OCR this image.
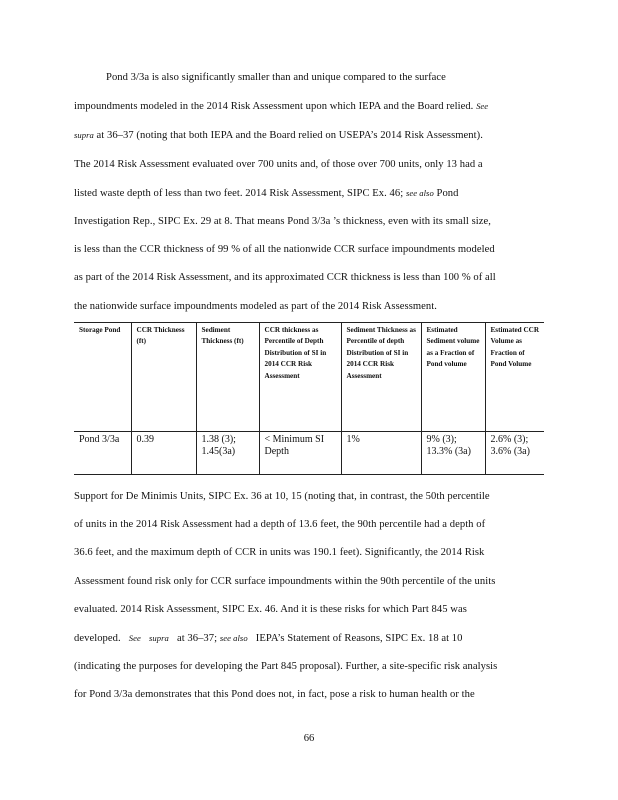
Pond 3/3a is also significantly smaller than and unique compared to the surface
impoundments modeled in the 2014 Risk Assessment upon which IEPA and the Board relied. See
supra at 36–37 (noting that both IEPA and the Board relied on USEPA’s 2014 Risk Assessment).
The 2014 Risk Assessment evaluated over 700 units and, of those over 700 units, only 13 had a
listed waste depth of less than two feet. 2014 Risk Assessment, SIPC Ex. 46; see also Pond
Investigation Rep., SIPC Ex. 29 at 8. That means Pond 3/3a ’s thickness, even with its small size,
is less than the CCR thickness of 99 % of all the nationwide CCR surface impoundments modeled
as part of the 2014 Risk Assessment, and its approximated CCR thickness is less than 100 % of all
the nationwide surface impoundments modeled as part of the 2014 Risk Assessment.
Storage Pond	CCR Thickness (ft)	Sediment Thickness (ft)	CCR thickness as Percentile of Depth Distribution of SI in 2014 CCR Risk Assessment	Sediment Thickness as Percentile of depth Distribution of SI in 2014 CCR Risk Assessment	Estimated Sediment volume as a Fraction of Pond volume	Estimated CCR Volume as Fraction of Pond Volume
Pond 3/3a	0.39	1.38 (3); 1.45(3a)	< Minimum SI Depth	1%	9% (3); 13.3% (3a)	2.6% (3); 3.6% (3a)
Support for De Minimis Units, SIPC Ex. 36 at 10, 15 (noting that, in contrast, the 50th percentile
of units in the 2014 Risk Assessment had a depth of 13.6 feet, the 90th percentile had a depth of
36.6 feet, and the maximum depth of CCR in units was 190.1 feet). Significantly, the 2014 Risk
Assessment found risk only for CCR surface impoundments within the 90th percentile of the units
evaluated. 2014 Risk Assessment, SIPC Ex. 46. And it is these risks for which Part 845 was
developed. See supra at 36–37; see also IEPA’s Statement of Reasons, SIPC Ex. 18 at 10
(indicating the purposes for developing the Part 845 proposal). Further, a site-specific risk analysis
for Pond 3/3a demonstrates that this Pond does not, in fact, pose a risk to human health or the
66
